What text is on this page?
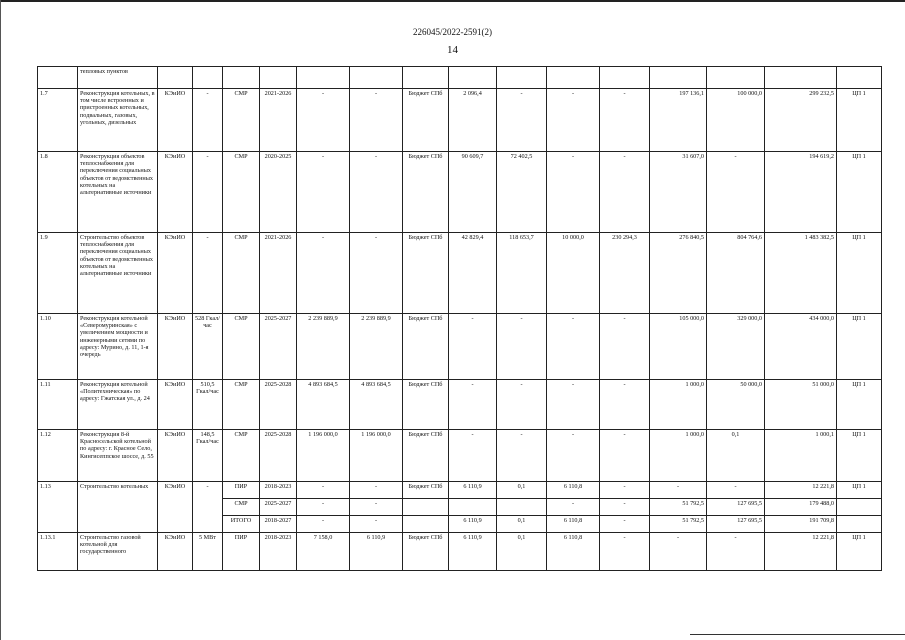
226045/2022-2591(2)
14
	тепловых пунктов															
1.7	Реконструкция котельных, в том числе встроенных и пристроенных котельных, подвальных, газовых, угольных, дизельных	КЭиИО	-	СМР	2021-2026	-	-	Бюджет СПб	2 096,4	-	-	-	197 136,1	100 000,0	299 232,5	ЦП 1
1.8	Реконструкция объектов теплоснабжения для переключения социальных объектов от ведомственных котельных на альтернативные источники	КЭиИО	-	СМР	2020-2025	-	-	Бюджет СПб	90 609,7	72 402,5	-	-	31 607,0	-	194 619,2	ЦП 1
1.9	Строительство объектов теплоснабжения для переключения социальных объектов от ведомственных котельных на альтернативные источники	КЭиИО	-	СМР	2021-2026	-	-	Бюджет СПб	42 829,4	118 653,7	10 000,0	230 294,3	276 840,5	804 764,6	1 483 382,5	ЦП 1
1.10	Реконструкция котельной «Северомуринская» с увеличением мощности и инженерными сетями по адресу: Мурино, д. 11, 1-я очередь	КЭиИО	528 Гкал/час	СМР	2025-2027	2 239 889,9	2 239 889,9	Бюджет СПб	-	-	-	-	105 000,0	329 000,0	434 000,0	ЦП 1
1.11	Реконструкция котельной «Политехническая» по адресу: Гжатская ул., д. 24	КЭиИО	510,5 Гкал/час	СМР	2025-2028	4 893 684,5	4 893 684,5	Бюджет СПб	-	-	-	-	1 000,0	50 000,0	51 000,0	ЦП 1
1.12	Реконструкция 8-й Красносельской котельной по адресу: г. Красное Село, Кингисеппское шоссе, д. 55	КЭиИО	148,5 Гкал/час	СМР	2025-2028	1 196 000,0	1 196 000,0	Бюджет СПб	-	-	-	-	1 000,0	0,1	1 000,1	ЦП 1
1.13	Строительство котельных	КЭиИО	-	ПИР	2018-2023	-	-	Бюджет СПб	6 110,9	0,1	6 110,8	-	-	-	12 221,8	ЦП 1
				СМР	2025-2027	-	-				-	-	51 792,5	127 695,5	179 488,0	
				ИТОГО	2018-2027	-	-		6 110,9	0,1	6 110,8	-	51 792,5	127 695,5	191 709,8	
1.13.1	Строительство газовой котельной для государственного	КЭиИО	5 МВт	ПИР	2018-2023	7 158,0	6 110,9	Бюджет СПб	6 110,9	0,1	6 110,8	-	-	-	12 221,8	ЦП 1
